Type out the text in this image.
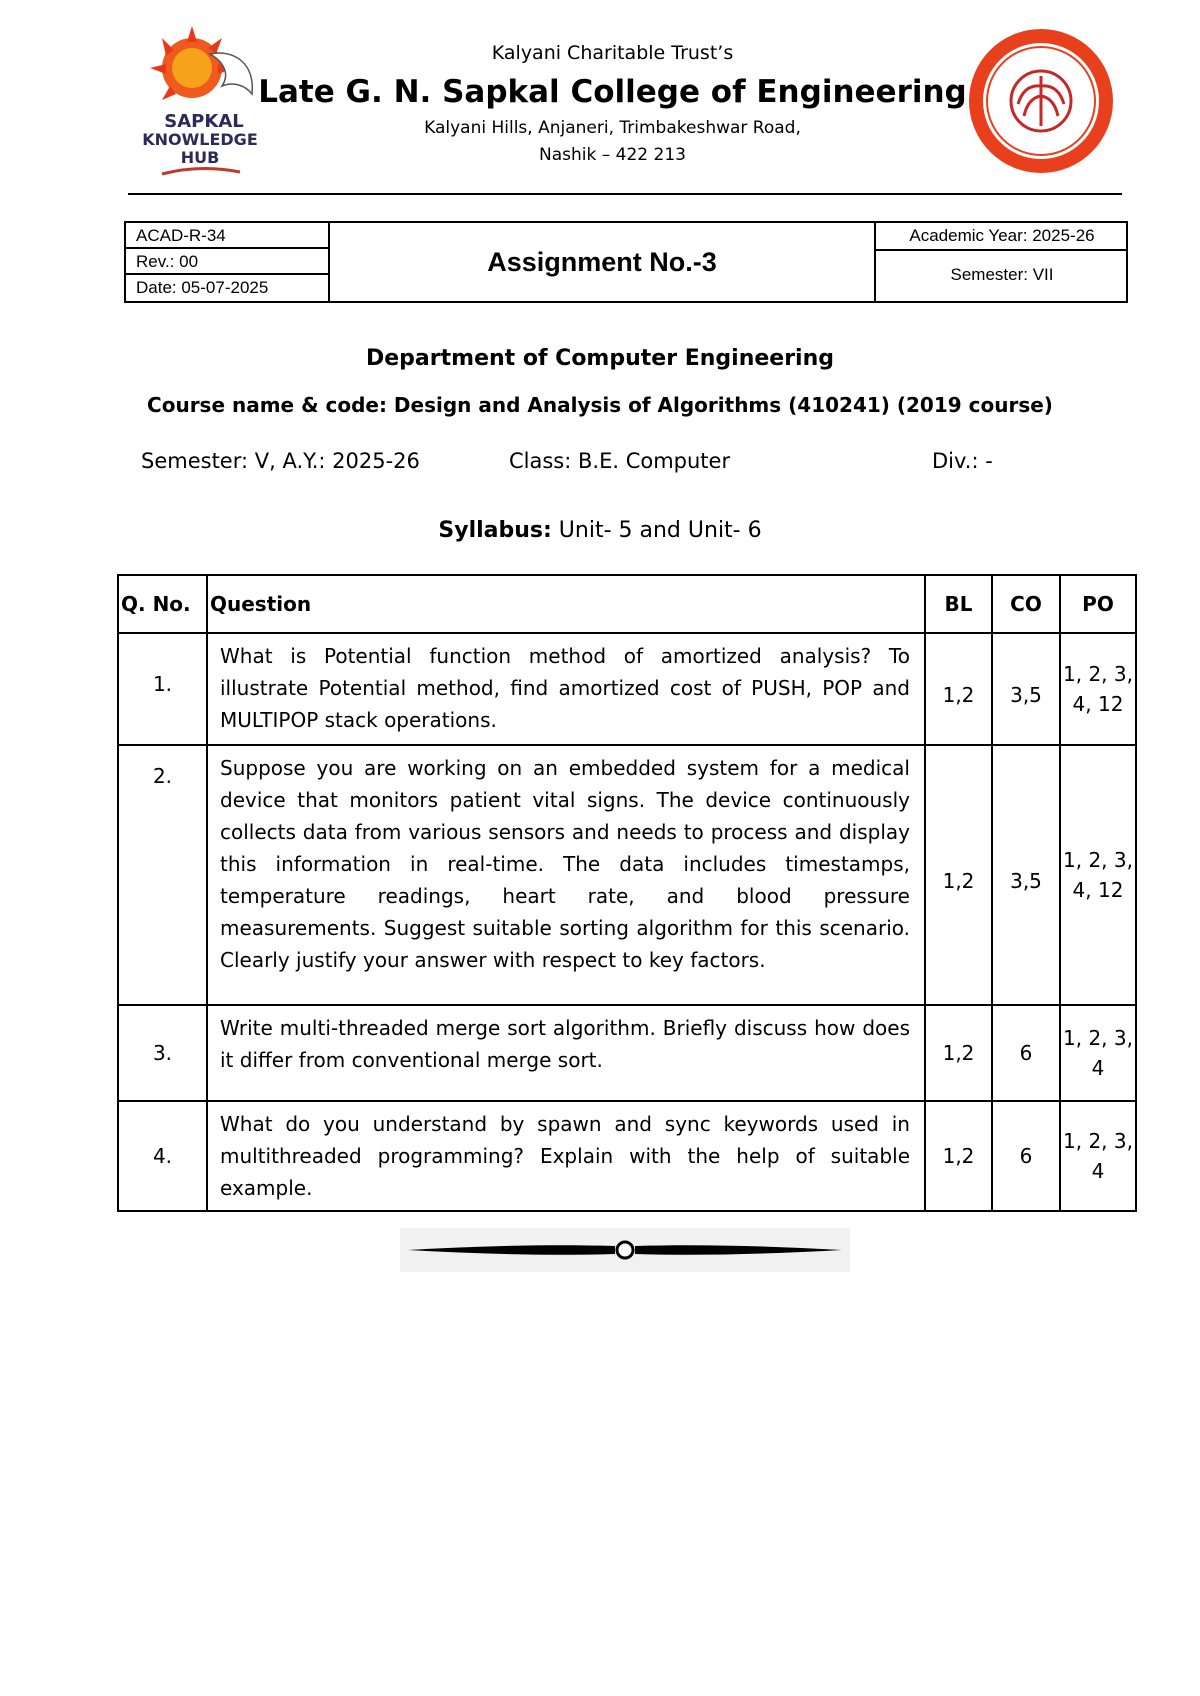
SAPKAL
KNOWLEDGE
HUB
Kalyani Charitable Trust’s
Late G. N. Sapkal College of Engineering
Kalyani Hills, Anjaneri, Trimbakeshwar Road,
Nashik – 422 213
ACAD-R-34
Rev.: 00
Date: 05-07-2025
Assignment No.-3
Academic Year: 2025-26
Semester: VII
Department of Computer Engineering
Course name & code: Design and Analysis of Algorithms (410241) (2019 course)
Semester: V, A.Y.: 2025-26	Class: B.E. Computer	Div.: -
Syllabus: Unit- 5 and Unit- 6
Q. No.	Question	BL	CO	PO
1.	What is Potential function method of amortized analysis? To illustrate Potential method, find amortized cost of PUSH, POP and MULTIPOP stack operations.	1,2	3,5	1, 2, 3,
4, 12
2.	Suppose you are working on an embedded system for a medical device that monitors patient vital signs. The device continuously collects data from various sensors and needs to process and display this information in real-time. The data includes timestamps, temperature readings, heart rate, and blood pressure measurements. Suggest suitable sorting algorithm for this scenario. Clearly justify your answer with respect to key factors.	1,2	3,5	1, 2, 3,
4, 12
3.	Write multi-threaded merge sort algorithm. Briefly discuss how does it differ from conventional merge sort.	1,2	6	1, 2, 3,
4
4.	What do you understand by spawn and sync keywords used in multithreaded programming? Explain with the help of suitable example.	1,2	6	1, 2, 3,
4
